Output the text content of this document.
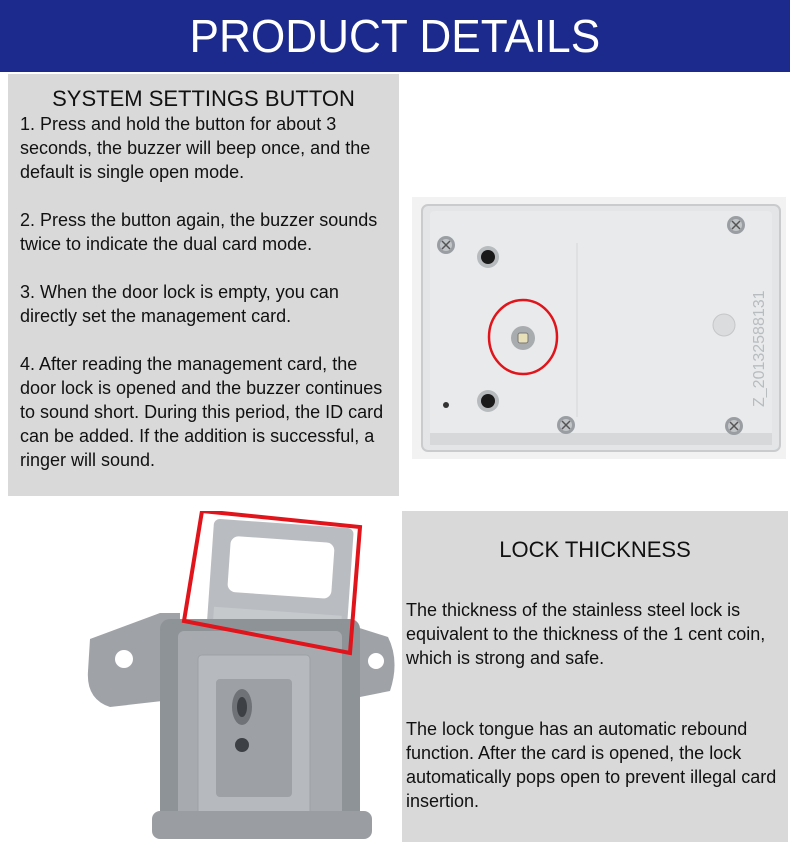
PRODUCT DETAILS
SYSTEM SETTINGS BUTTON

1. Press and hold the button for about 3 seconds, the buzzer will beep once, and the default is single open mode.

2. Press the button again, the buzzer sounds twice to indicate the dual card mode.

3. When the door lock is empty, you can directly set the management card.

4. After reading the management card, the door lock is opened and the buzzer continues to sound short. During this period, the ID card can be added. If the addition is successful, a ringer will sound.

Z_20132588131
LOCK THICKNESS

The thickness of the stainless steel lock is equivalent to the thickness of the 1 cent coin, which is strong and safe.

The lock tongue has an automatic rebound function. After the card is opened, the lock automatically pops open to prevent illegal card insertion.
